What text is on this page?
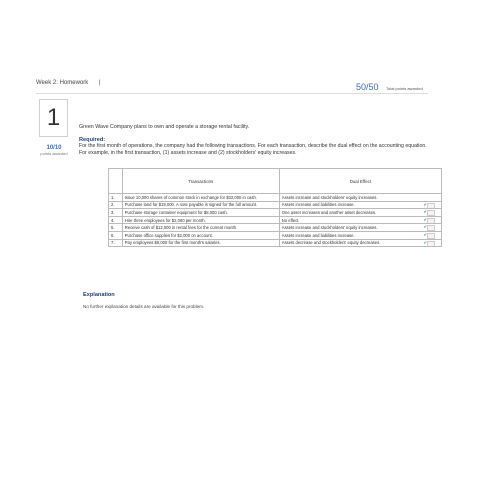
Week 2: Homework |	50/50 Total points awarded
1
10/10
points awarded
Green Wave Company plans to own and operate a storage rental facility.
Required:
For the first month of operations, the company had the following transactions. For each transaction, describe the dual effect on the accounting equation. For example, in the first transaction, (1) assets increase and (2) stockholders' equity increases.
	Transactions	Dual Effect
1.	Issue 10,000 shares of common stock in exchange for $32,000 in cash.	Assets increase and stockholders' equity increases.
2.	Purchase land for $19,000. A note payable is signed for the full amount.	Assets increase and liabilities increase. ✔

3.	Purchase storage container equipment for $8,000 cash.	One asset increases and another asset decreases. ✔

4.	Hire three employees for $2,000 per month.	No effect ✔

5.	Receive cash of $12,000 in rental fees for the current month.	Assets increase and stockholders' equity increases. ✔

6.	Purchase office supplies for $2,000 on account.	Assets increase and liabilities increase. ✔

7.	Pay employees $6,000 for the first month's salaries.	Assets decrease and stockholders' equity decreases. ✔
Explanation
No further explanation details are available for this problem.
